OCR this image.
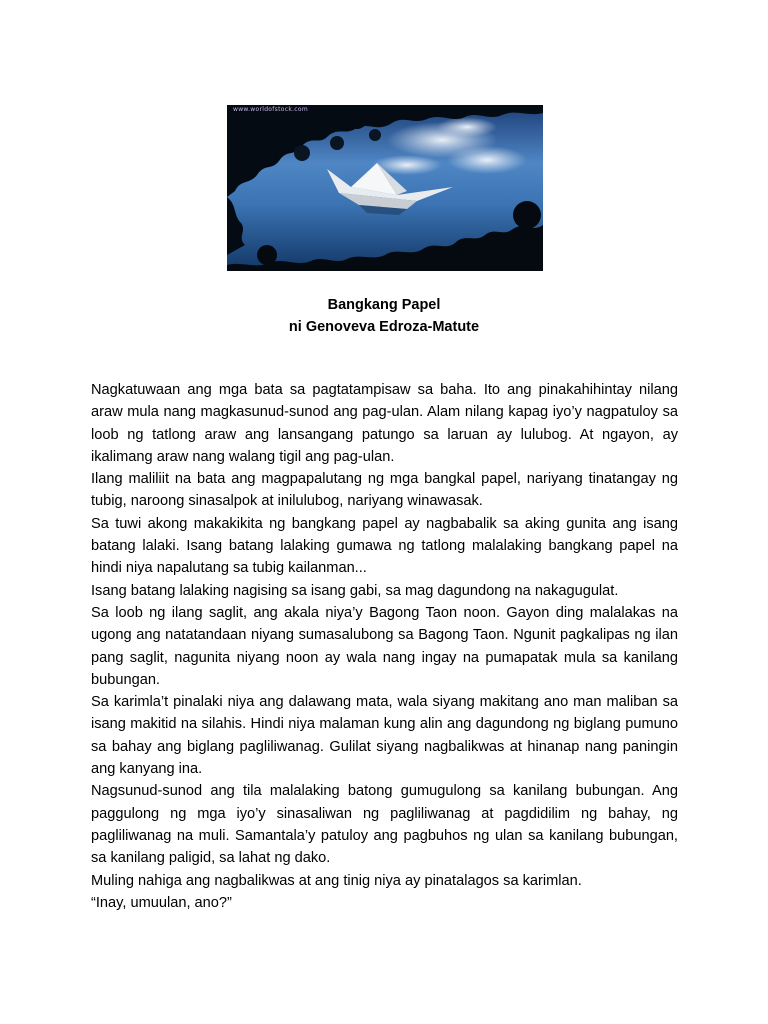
www.worldofstock.com
Bangkang Papel
ni Genoveva Edroza-Matute

Nagkatuwaan ang mga bata sa pagtatampisaw sa baha. Ito ang pinakahihintay nilang araw mula nang magkasunud-sunod ang pag-ulan. Alam nilang kapag iyo’y nagpatuloy sa loob ng tatlong araw ang lansangang patungo sa laruan ay lulubog. At ngayon, ay ikalimang araw nang walang tigil ang pag-ulan.

Ilang maliliit na bata ang magpapalutang ng mga bangkal papel, nariyang tinatangay ng tubig, naroong sinasalpok at inilulubog, nariyang winawasak.

Sa tuwi akong makakikita ng bangkang papel ay nagbabalik sa aking gunita ang isang batang lalaki. Isang batang lalaking gumawa ng tatlong malalaking bangkang papel na hindi niya napalutang sa tubig kailanman...

Isang batang lalaking nagising sa isang gabi, sa mag dagundong na nakagugulat.

Sa loob ng ilang saglit, ang akala niya’y Bagong Taon noon. Gayon ding malalakas na ugong ang natatandaan niyang sumasalubong sa Bagong Taon. Ngunit pagkalipas ng ilan pang saglit, nagunita niyang noon ay wala nang ingay na pumapatak mula sa kanilang bubungan.

Sa karimla’t pinalaki niya ang dalawang mata, wala siyang makitang ano man maliban sa isang makitid na silahis. Hindi niya malaman kung alin ang dagundong ng biglang pumuno sa bahay ang biglang pagliliwanag. Gulilat siyang nagbalikwas at hinanap nang paningin ang kanyang ina.

Nagsunud-sunod ang tila malalaking batong gumugulong sa kanilang bubungan. Ang paggulong ng mga iyo’y sinasaliwan ng pagliliwanag at pagdidilim ng bahay, ng pagliliwanag na muli. Samantala’y patuloy ang pagbuhos ng ulan sa kanilang bubungan, sa kanilang paligid, sa lahat ng dako.

Muling nahiga ang nagbalikwas at ang tinig niya ay pinatalagos sa karimlan.

“Inay, umuulan, ano?”
